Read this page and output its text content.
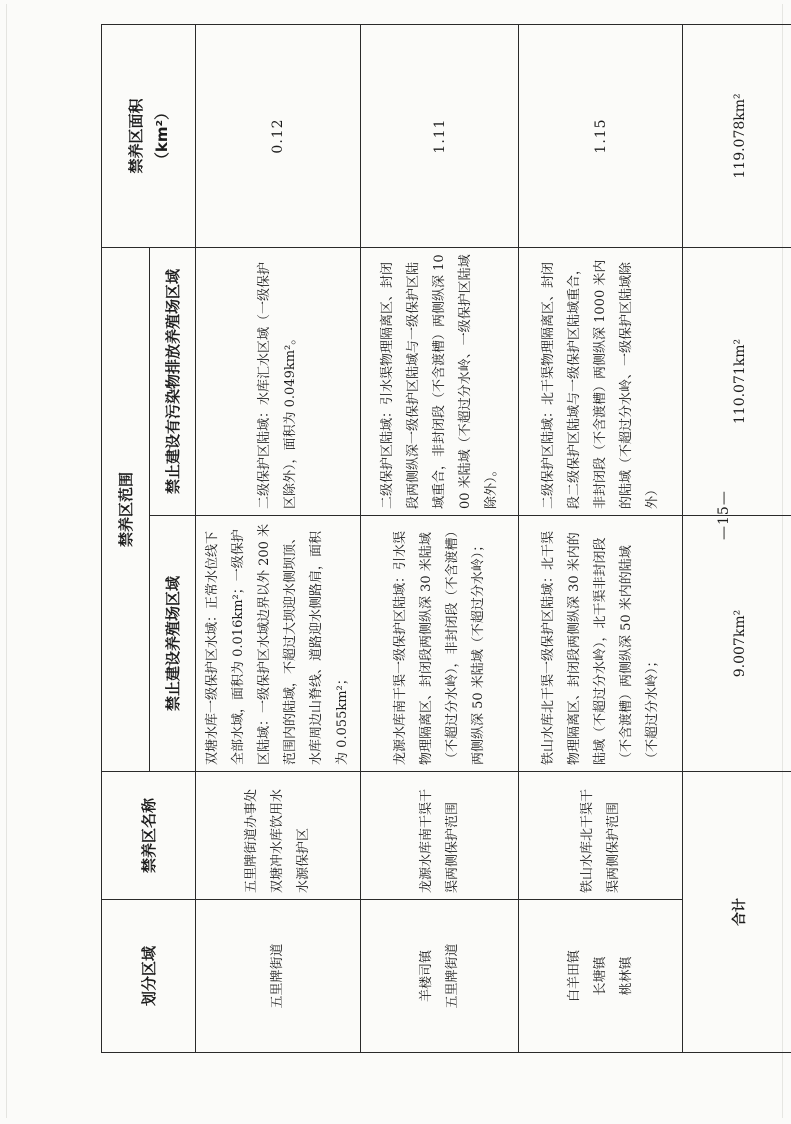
划分区域	禁养区名称	禁养区范围		禁养区面积 （km²）

		禁止建设养殖场区域	禁止建设有污染物排放养殖场区域	
五里牌街道	五里牌街道办事处双塘冲水库饮用水水源保护区	双塘水库一级保护区水域：正常水位线下全部水域，面积为 0.016km²；一级保护区陆域：一级保护区水域边界以外 200 米范围内的陆域，不超过大坝迎水侧坝顶、水库周边山脊线、道路迎水侧路肩，面积为 0.055km²；	二级保护区陆域：水库汇水区域（一级保护区除外），面积为 0.049km²。	0.12
羊楼司镇
五里牌街道	龙源水库南干渠干渠两侧保护范围	龙源水库南干渠一级保护区陆域：引水渠物理隔离区、封闭段两侧纵深 30 米陆域（不超过分水岭），非封闭段（不含渡槽）两侧纵深 50 米陆域（不超过分水岭）；	二级保护区陆域：引水渠物理隔离区、封闭段两侧纵深一级保护区陆域与一级保护区陆域重合，非封闭段（不含渡槽）两侧纵深 1000 米陆域（不超过分水岭、一级保护区陆域除外）。	1.11
白羊田镇
长塘镇
桃林镇	铁山水库北干渠干渠两侧保护范围	铁山水库北干渠一级保护区陆域：北干渠物理隔离区、封闭段两侧纵深 30 米内的陆域（不超过分水岭），北干渠非封闭段（不含渡槽）两侧纵深 50 米内的陆域（不超过分水岭）；	二级保护区陆域：北干渠物理隔离区、封闭段二级保护区陆域与一级保护区陆域重合，非封闭段（不含渡槽）两侧纵深 1000 米内的陆域（不超过分水岭、一级保护区陆域除外）	1.15
合计		9.007km²	110.071km²	119.078km²
—15—
